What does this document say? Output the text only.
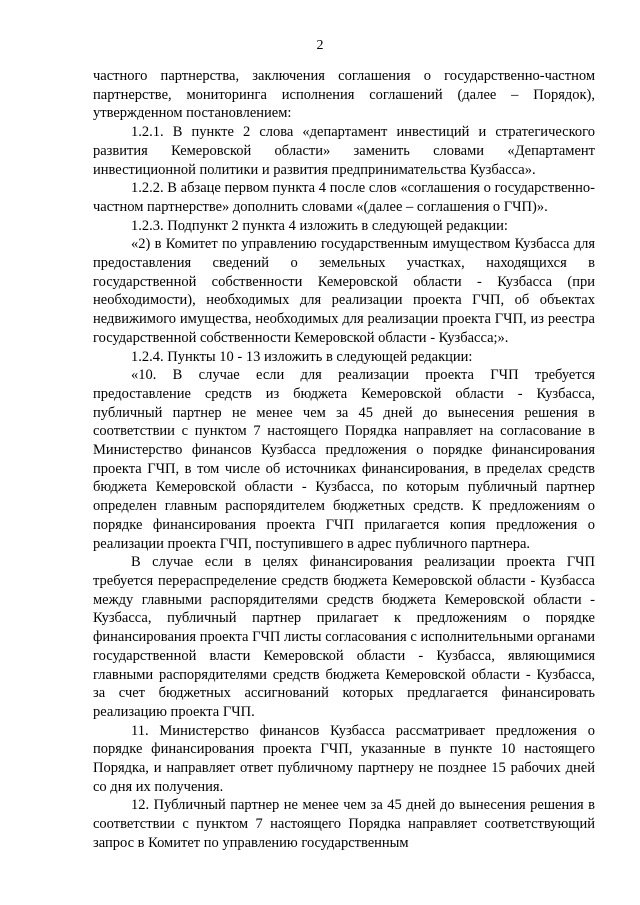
2

частного партнерства, заключения соглашения о государственно-частном партнерстве, мониторинга исполнения соглашений (далее – Порядок), утвержденном постановлением:

1.2.1. В пункте 2 слова «департамент инвестиций и стратегического развития Кемеровской области» заменить словами «Департамент инвестиционной политики и развития предпринимательства Кузбасса».

1.2.2. В абзаце первом пункта 4 после слов «соглашения о государственно-частном партнерстве» дополнить словами «(далее – соглашения о ГЧП)».

1.2.3. Подпункт 2 пункта 4 изложить в следующей редакции:

«2) в Комитет по управлению государственным имуществом Кузбасса для предоставления сведений о земельных участках, находящихся в государственной собственности Кемеровской области - Кузбасса (при необходимости), необходимых для реализации проекта ГЧП, об объектах недвижимого имущества, необходимых для реализации проекта ГЧП, из реестра государственной собственности Кемеровской области - Кузбасса;».

1.2.4. Пункты 10 - 13 изложить в следующей редакции:

«10. В случае если для реализации проекта ГЧП требуется предоставление средств из бюджета Кемеровской области - Кузбасса, публичный партнер не менее чем за 45 дней до вынесения решения в соответствии с пунктом 7 настоящего Порядка направляет на согласование в Министерство финансов Кузбасса предложения о порядке финансирования проекта ГЧП, в том числе об источниках финансирования, в пределах средств бюджета Кемеровской области - Кузбасса, по которым публичный партнер определен главным распорядителем бюджетных средств. К предложениям о порядке финансирования проекта ГЧП прилагается копия предложения о реализации проекта ГЧП, поступившего в адрес публичного партнера.

В случае если в целях финансирования реализации проекта ГЧП требуется перераспределение средств бюджета Кемеровской области - Кузбасса между главными распорядителями средств бюджета Кемеровской области - Кузбасса, публичный партнер прилагает к предложениям о порядке финансирования проекта ГЧП листы согласования с исполнительными органами государственной власти Кемеровской области - Кузбасса, являющимися главными распорядителями средств бюджета Кемеровской области - Кузбасса, за счет бюджетных ассигнований которых предлагается финансировать реализацию проекта ГЧП.

11. Министерство финансов Кузбасса рассматривает предложения о порядке финансирования проекта ГЧП, указанные в пункте 10 настоящего Порядка, и направляет ответ публичному партнеру не позднее 15 рабочих дней со дня их получения.

12. Публичный партнер не менее чем за 45 дней до вынесения решения в соответствии с пунктом 7 настоящего Порядка направляет соответствующий запрос в Комитет по управлению государственным
